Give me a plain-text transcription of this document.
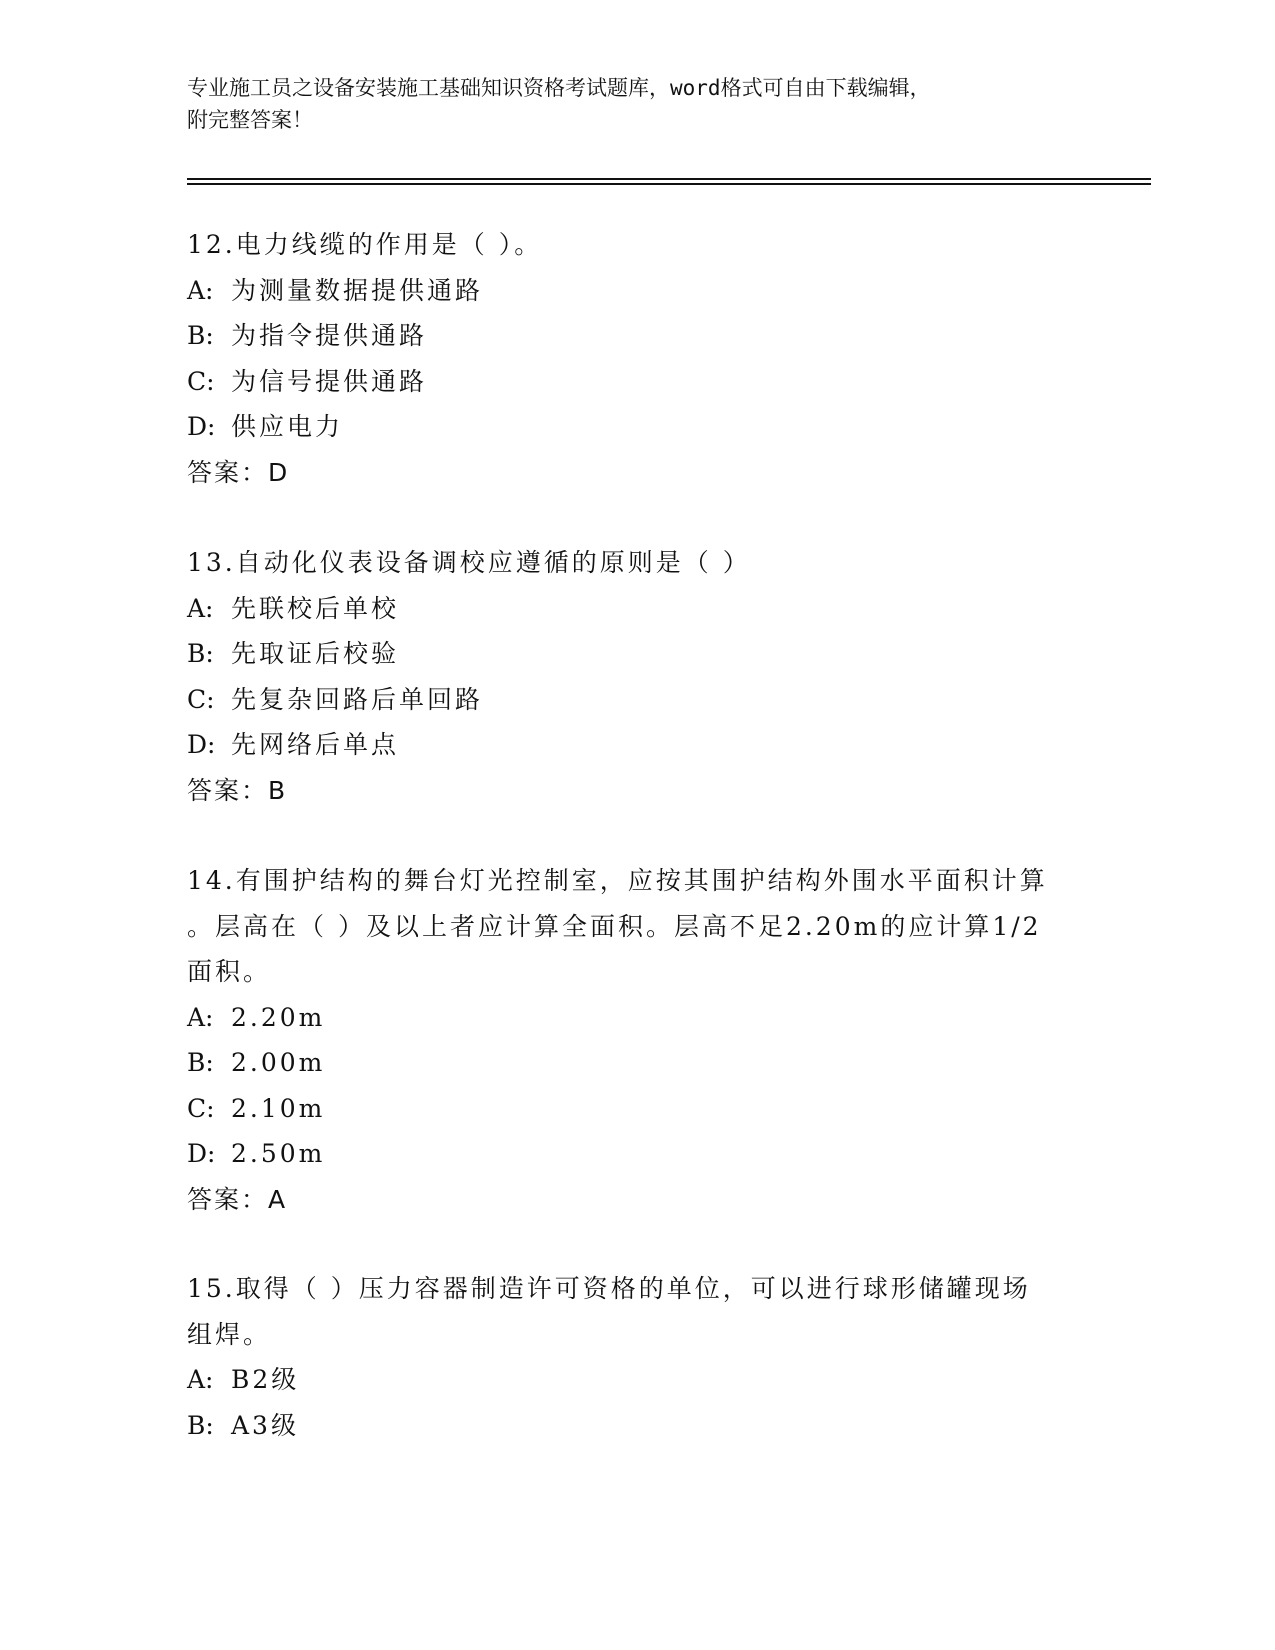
专业施工员之设备安装施工基础知识资格考试题库，word格式可自由下载编辑，
附完整答案！
12.电力线缆的作用是（ ）。
A: 为测量数据提供通路
B: 为指令提供通路
C: 为信号提供通路
D: 供应电力
答案：D
13.自动化仪表设备调校应遵循的原则是（ ）
A: 先联校后单校
B: 先取证后校验
C: 先复杂回路后单回路
D: 先网络后单点
答案：B
14.有围护结构的舞台灯光控制室，应按其围护结构外围水平面积计算
。层高在（ ）及以上者应计算全面积。层高不足2.20m的应计算1/2
面积。
A: 2.20m
B: 2.00m
C: 2.10m
D: 2.50m
答案：A
15.取得（ ）压力容器制造许可资格的单位，可以进行球形储罐现场
组焊。
A: B2级
B: A3级
